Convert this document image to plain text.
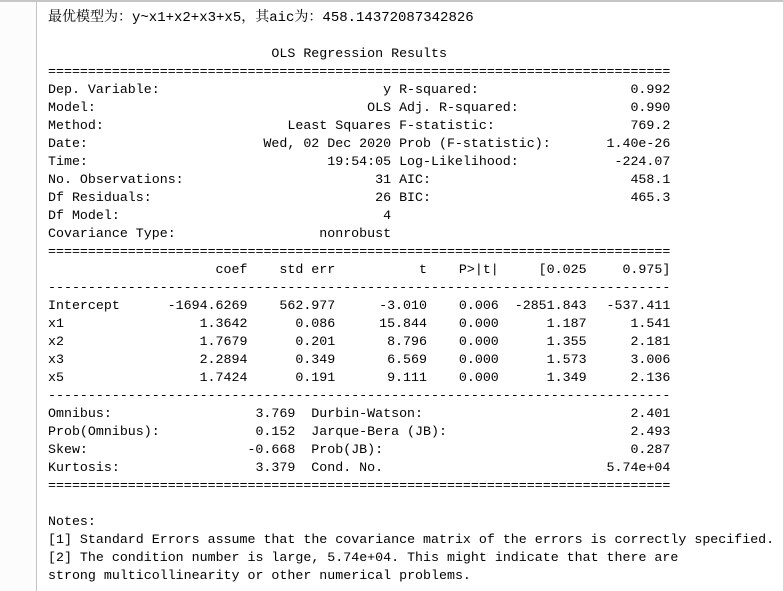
最优模型为：y~x1+x2+x3+x5，其aic为：458.14372087342826
OLS Regression Results
==============================================================================
Dep. Variable:	y R-squared:	0.992
Model:	OLS Adj. R-squared:	0.990
Method:	Least Squares F-statistic:	769.2
Date:	Wed, 02 Dec 2020 Prob (F-statistic):	1.40e-26
Time:	19:54:05 Log-Likelihood:	-224.07
No. Observations:	31 AIC:	458.1
Df Residuals:	26 BIC:	465.3
Df Model:	4
Covariance Type:	nonrobust
==============================================================================
coef	std err	t	P>|t|	[0.025	0.975]
------------------------------------------------------------------------------
Intercept	-1694.6269	562.977	-3.010	0.006	-2851.843	-537.411
x1	1.3642	0.086	15.844	0.000	1.187	1.541
x2	1.7679	0.201	8.796	0.000	1.355	2.181
x3	2.2894	0.349	6.569	0.000	1.573	3.006
x5	1.7424	0.191	9.111	0.000	1.349	2.136
------------------------------------------------------------------------------
Omnibus:	3.769 Durbin-Watson:	2.401
Prob(Omnibus):	0.152 Jarque-Bera (JB):	2.493
Skew:	-0.668 Prob(JB):	0.287
Kurtosis:	3.379 Cond. No.	5.74e+04
==============================================================================
Notes:
[1] Standard Errors assume that the covariance matrix of the errors is correctly specified.
[2] The condition number is large, 5.74e+04. This might indicate that there are
strong multicollinearity or other numerical problems.
